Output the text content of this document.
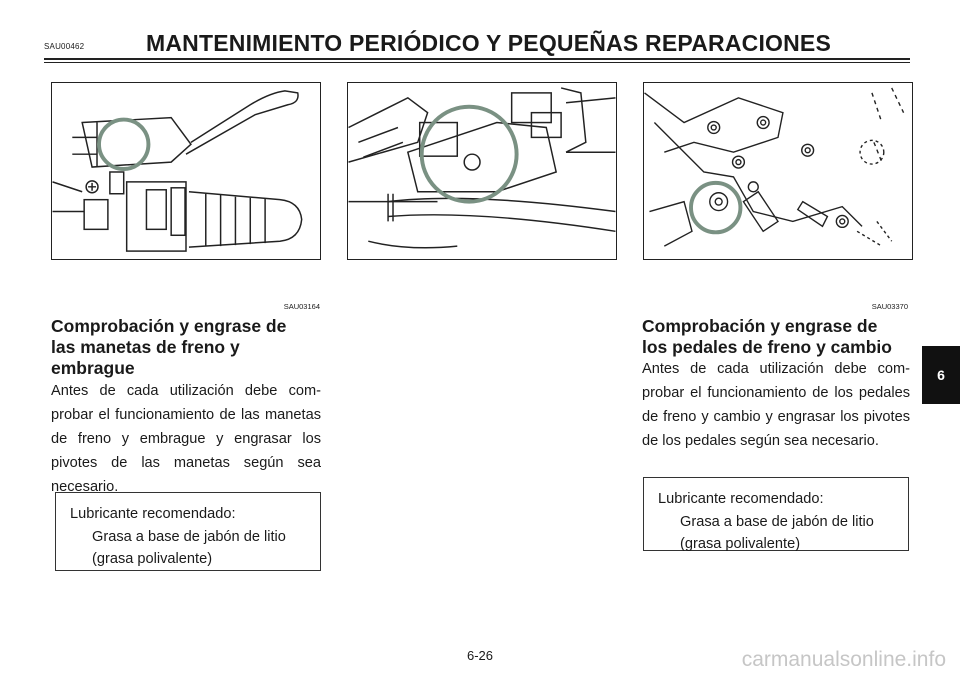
SAU00462	MANTENIMIENTO PERIÓDICO Y PEQUEÑAS REPARACIONES
SAU03164
Comprobación y engrase de
las manetas de freno y
embrague
Antes de cada utilización debe com-probar el funcionamiento de las manetas de freno y embrague y engrasar los pivotes de las manetas según sea necesario.
Lubricante recomendado:
Grasa a base de jabón de litio
(grasa polivalente)
SAU03370
Comprobación y engrase de
los pedales de freno y cambio
Antes de cada utilización debe com-probar el funcionamiento de los pedales de freno y cambio y engrasar los pivotes de los pedales según sea necesario.
Lubricante recomendado:
Grasa a base de jabón de litio
(grasa polivalente)
6
6-26	carmanualsonline.info
